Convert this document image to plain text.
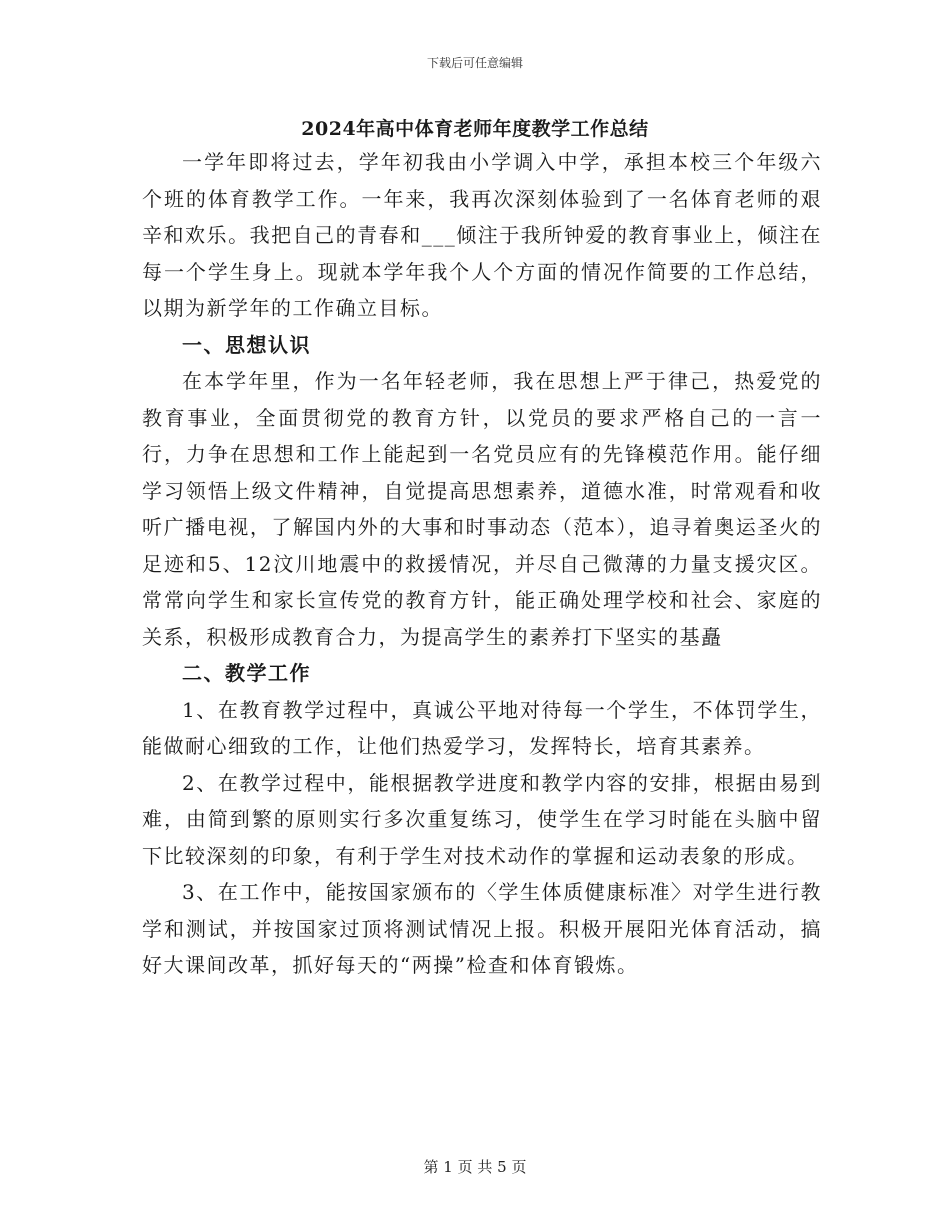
下载后可任意编辑
2024年高中体育老师年度教学工作总结

一学年即将过去，学年初我由小学调入中学，承担本校三个年级六个班的体育教学工作。一年来，我再次深刻体验到了一名体育老师的艰辛和欢乐。我把自己的青春和___倾注于我所钟爱的教育事业上，倾注在每一个学生身上。现就本学年我个人个方面的情况作简要的工作总结，以期为新学年的工作确立目标。

一、思想认识

在本学年里，作为一名年轻老师，我在思想上严于律己，热爱党的教育事业，全面贯彻党的教育方针，以党员的要求严格自己的一言一行，力争在思想和工作上能起到一名党员应有的先锋模范作用。能仔细学习领悟上级文件精神，自觉提高思想素养，道德水准，时常观看和收听广播电视，了解国内外的大事和时事动态（范本），追寻着奥运圣火的足迹和5、12汶川地震中的救援情况，并尽自己微薄的力量支援灾区。常常向学生和家长宣传党的教育方针，能正确处理学校和社会、家庭的关系，积极形成教育合力，为提高学生的素养打下坚实的基矗

二、教学工作

1、在教育教学过程中，真诚公平地对待每一个学生，不体罚学生，能做耐心细致的工作，让他们热爱学习，发挥特长，培育其素养。

2、在教学过程中，能根据教学进度和教学内容的安排，根据由易到难，由简到繁的原则实行多次重复练习，使学生在学习时能在头脑中留下比较深刻的印象，有利于学生对技术动作的掌握和运动表象的形成。

3、在工作中，能按国家颁布的〈学生体质健康标准〉对学生进行教学和测试，并按国家过顶将测试情况上报。积极开展阳光体育活动，搞好大课间改革，抓好每天的“两操”检查和体育锻炼。

第 1 页 共 5 页
